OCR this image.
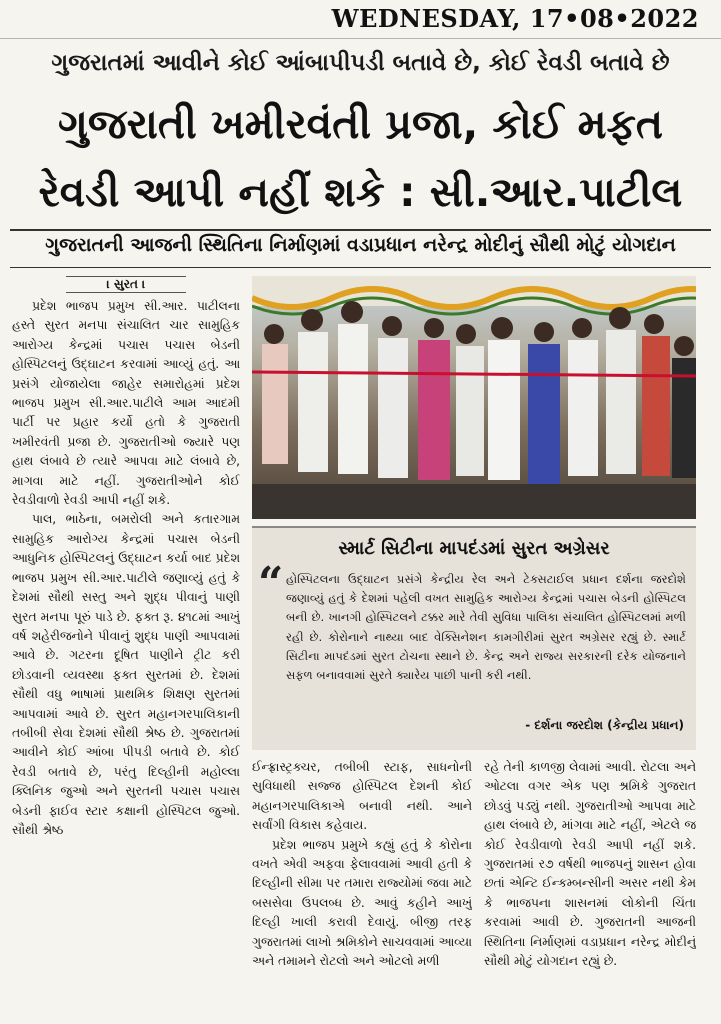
WEDNESDAY, 17•08•2022
ગુજરાતમાં આવીને કોઈ આંબાપીપડી બતાવે છે, કોઈ રેવડી બતાવે છે
ગુજરાતી ખમીરવંતી પ્રજા, કોઈ મફત
રેવડી આપી નહીં શકે : સી.આર.પાટીલ
ગુજરાતની આજની સ્થિતિના નિર્માણમાં વડાપ્રધાન નરેન્દ્ર મોદીનું સૌથી મોટું યોગદાન
। સુરત ।

પ્રદેશ ભાજપ પ્રમુખ સી.આર. પાટીલના હસ્તે સુરત મનપા સંચાલિત ચાર સામુહિક આરોગ્ય કેન્દ્રમાં પચાસ પચાસ બેડની હોસ્પિટલનું ઉદ્ઘાટન કરવામાં આવ્યું હતું. આ પ્રસંગે યોજાયેલા જાહેર સમારોહમાં પ્રદેશ ભાજપ પ્રમુખ સી.આર.પાટીલે આમ આદમી પાર્ટી પર પ્રહાર કર્યો હતો કે ગુજરાતી ખમીરવંતી પ્રજા છે. ગુજરાતીઓ જ્યારે પણ હાથ લંબાવે છે ત્યારે આપવા માટે લંબાવે છે, માગવા માટે નહીં. ગુજરાતીઓને કોઈ રેવડીવાળો રેવડી આપી નહીં શકે.

પાલ, ભાઠેના, બમરોલી અને કતારગામ સામુહિક આરોગ્ય કેન્દ્રમાં પચાસ બેડની આધુનિક હોસ્પિટલનું ઉદ્ઘાટન કર્યા બાદ પ્રદેશ ભાજપ પ્રમુખ સી.આર.પાટીલે જણાવ્યું હતું કે દેશમાં સૌથી સસ્તુ અને શુદ્ધ પીવાનું પાણી સુરત મનપા પૂરું પાડે છે. ફક્ત રૂ. ૪૧૮માં આખું વર્ષ શહેરીજનોને પીવાનું શુદ્ધ પાણી આપવામાં આવે છે. ગટરના દૂષિત પાણીને ટ્રીટ કરી છોડવાની વ્યવસ્થા ફક્ત સુરતમાં છે. દેશમાં સૌથી વધુ ભાષામાં પ્રાથમિક શિક્ષણ સુરતમાં આપવામાં આવે છે. સુરત મહાનગરપાલિકાની તબીબી સેવા દેશમાં સૌથી શ્રેષ્ઠ છે. ગુજરાતમાં આવીને કોઈ આંબા પીપડી બતાવે છે. કોઈ રેવડી બતાવે છે, પરંતુ દિલ્હીની મહોલ્લા ક્લિનિક જુઓ અને સુરતની પચાસ પચાસ બેડની ફાઈવ સ્ટાર કક્ષાની હોસ્પિટલ જુઓ. સૌથી શ્રેષ્ઠ

સ્માર્ટ સિટીના માપદંડમાં સુરત અગ્રેસર
“ હોસ્પિટલના ઉદ્ઘાટન પ્રસંગે કેન્દ્રીય રેલ અને ટેક્સટાઈલ પ્રધાન દર્શના જરદોશે જણાવ્યું હતું કે દેશમાં પહેલી વખત સામુહિક આરોગ્ય કેન્દ્રમાં પચાસ બેડની હોસ્પિટલ બની છે. ખાનગી હોસ્પિટલને ટક્કર મારે તેવી સુવિધા પાલિકા સંચાલિત હોસ્પિટલમાં મળી રહી છે. કોરોનાને નાથ્યા બાદ વેક્સિનેશન કામગીરીમાં સુરત અગ્રેસર રહ્યું છે. સ્માર્ટ સિટીના માપદંડમાં સુરત ટોચના સ્થાને છે. કેન્દ્ર અને રાજ્ય સરકારની દરેક યોજનાને સફળ બનાવવામાં સુરતે ક્યારેય પાછી પાની કરી નથી.

- દર્શના જરદોશ (કેન્દ્રીય પ્રધાન)

ઈન્ફ્રાસ્ટ્રક્ચર, તબીબી સ્ટાફ, સાધનોની સુવિધાથી સજ્જ હોસ્પિટલ દેશની કોઈ મહાનગરપાલિકાએ બનાવી નથી. આને સર્વાંગી વિકાસ કહેવાય.

પ્રદેશ ભાજપ પ્રમુખે કહ્યું હતું કે કોરોના વખતે એવી અફવા ફેલાવવામાં આવી હતી કે દિલ્હીની સીમા પર તમારા રાજ્યોમાં જવા માટે બસસેવા ઉપલબ્ધ છે. આવું કહીને આખું દિલ્હી ખાલી કરાવી દેવાયું. બીજી તરફ ગુજરાતમાં લાખો શ્રમિકોને સાચવવામાં આવ્યા અને તમામને રોટલો અને ઓટલો મળી

રહે તેની કાળજી લેવામાં આવી. રોટલા અને ઓટલા વગર એક પણ શ્રમિકે ગુજરાત છોડવું પડ્યું નથી. ગુજરાતીઓ આપવા માટે હાથ લંબાવે છે, માંગવા માટે નહીં, એટલે જ કોઈ રેવડીવાળો રેવડી આપી નહીં શકે. ગુજરાતમાં ર૭ વર્ષથી ભાજપનું શાસન હોવા છતાં એન્ટિ ઈન્કમ્બન્સીની અસર નથી કેમ કે ભાજપના શાસનમાં લોકોની ચિંતા કરવામાં આવી છે. ગુજરાતની આજની સ્થિતિના નિર્માણમાં વડાપ્રધાન નરેન્દ્ર મોદીનું સૌથી મોટું યોગદાન રહ્યું છે.
